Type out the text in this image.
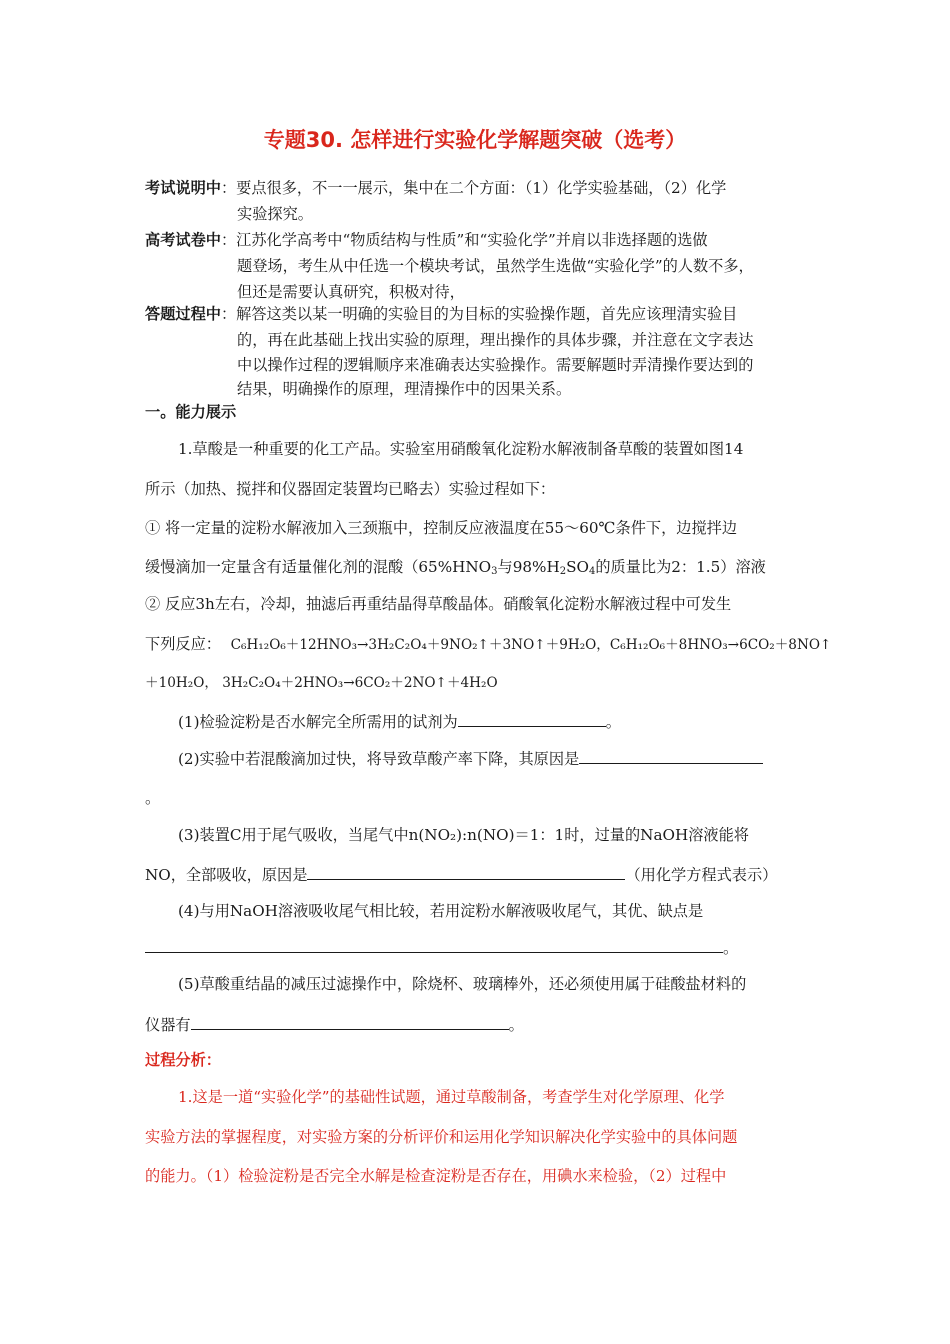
专题30. 怎样进行实验化学解题突破（选考）
考试说明中：要点很多，不一一展示，集中在二个方面：（1）化学实验基础，（2）化学
实验探究。
高考试卷中：江苏化学高考中“物质结构与性质”和“实验化学”并肩以非选择题的选做
题登场，考生从中任选一个模块考试，虽然学生选做“实验化学”的人数不多，
但还是需要认真研究，积极对待，
答题过程中：解答这类以某一明确的实验目的为目标的实验操作题，首先应该理清实验目
的，再在此基础上找出实验的原理，理出操作的具体步骤，并注意在文字表达
中以操作过程的逻辑顺序来准确表达实验操作。需要解题时弄清操作要达到的
结果，明确操作的原理，理清操作中的因果关系。
一。能力展示
1.草酸是一种重要的化工产品。实验室用硝酸氧化淀粉水解液制备草酸的装置如图14
所示（加热、搅拌和仪器固定装置均已略去）实验过程如下：
① 将一定量的淀粉水解液加入三颈瓶中，控制反应液温度在55～60℃条件下，边搅拌边
缓慢滴加一定量含有适量催化剂的混酸（$65\%HNO_3$与$98\%H_2SO_4$的质量比为2：1.5）溶液
② 反应3h左右，冷却，抽滤后再重结晶得草酸晶体。硝酸氧化淀粉水解液过程中可发生
下列反应： C₆H₁₂O₆＋12HNO₃→3H₂C₂O₄＋9NO₂↑＋3NO↑＋9H₂O，C₆H₁₂O₆＋8HNO₃→6CO₂＋8NO↑
＋10H₂O， 3H₂C₂O₄＋2HNO₃→6CO₂＋2NO↑＋4H₂O
(1)检验淀粉是否水解完全所需用的试剂为	。
(2)实验中若混酸滴加过快，将导致草酸产率下降，其原因是
。
(3)装置C用于尾气吸收，当尾气中n(NO₂):n(NO)＝1：1时，过量的NaOH溶液能将
NO，全部吸收，原因是	（用化学方程式表示）
(4)与用NaOH溶液吸收尾气相比较，若用淀粉水解液吸收尾气，其优、缺点是
。
(5)草酸重结晶的减压过滤操作中，除烧杯、玻璃棒外，还必须使用属于硅酸盐材料的
仪器有	。
过程分析：
1.这是一道“实验化学”的基础性试题，通过草酸制备，考查学生对化学原理、化学
实验方法的掌握程度，对实验方案的分析评价和运用化学知识解决化学实验中的具体问题
的能力。（1）检验淀粉是否完全水解是检查淀粉是否存在，用碘水来检验，（2）过程中
